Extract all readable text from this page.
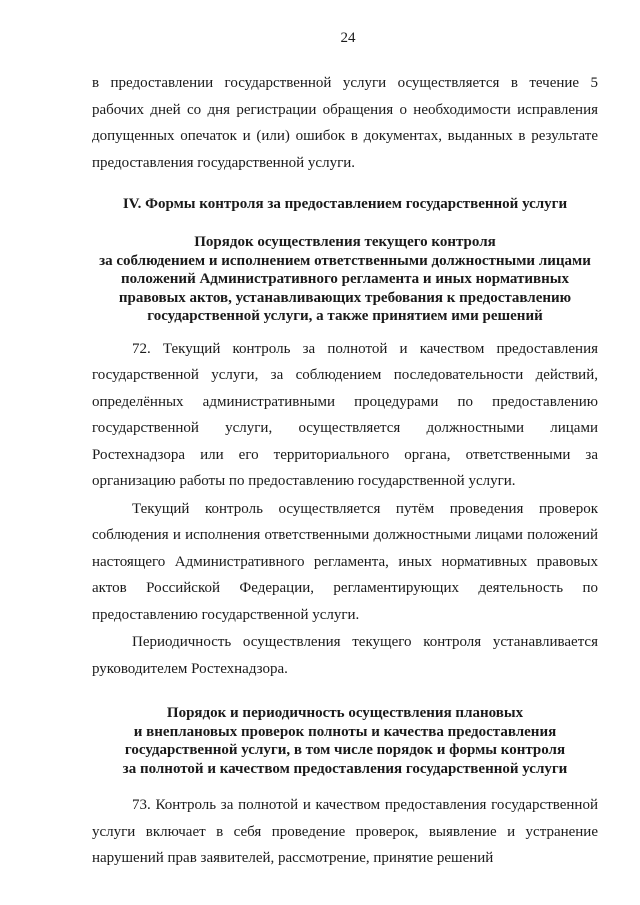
24

в предоставлении государственной услуги осуществляется в течение 5 рабочих дней со дня регистрации обращения о необходимости исправления допущенных опечаток и (или) ошибок в документах, выданных в результате предоставления государственной услуги.

IV. Формы контроля за предоставлением государственной услуги
Порядок осуществления текущего контроля
за соблюдением и исполнением ответственными должностными лицами
положений Административного регламента и иных нормативных
правовых актов, устанавливающих требования к предоставлению
государственной услуги, а также принятием ими решений

72. Текущий контроль за полнотой и качеством предоставления государственной услуги, за соблюдением последовательности действий, определённых административными процедурами по предоставлению государственной услуги, осуществляется должностными лицами Ростехнадзора или его территориального органа, ответственными за организацию работы по предоставлению государственной услуги.

Текущий контроль осуществляется путём проведения проверок соблюдения и исполнения ответственными должностными лицами положений настоящего Административного регламента, иных нормативных правовых актов Российской Федерации, регламентирующих деятельность по предоставлению государственной услуги.

Периодичность осуществления текущего контроля устанавливается руководителем Ростехнадзора.

Порядок и периодичность осуществления плановых
и внеплановых проверок полноты и качества предоставления
государственной услуги, в том числе порядок и формы контроля
за полнотой и качеством предоставления государственной услуги

73. Контроль за полнотой и качеством предоставления государственной услуги включает в себя проведение проверок, выявление и устранение нарушений прав заявителей, рассмотрение, принятие решений
